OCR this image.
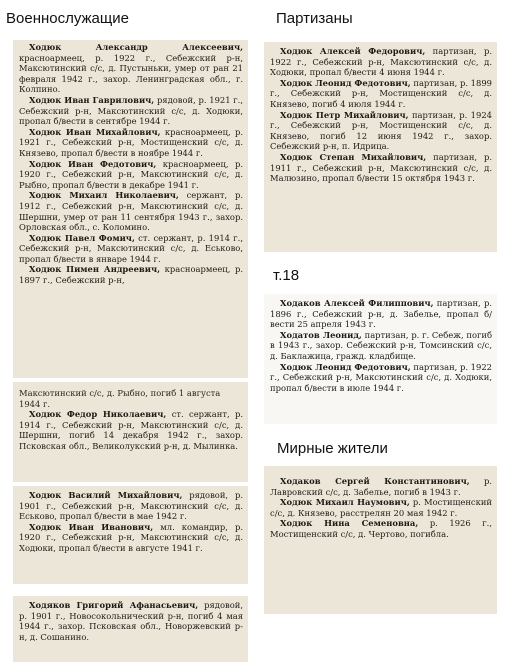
Военнослужащие	Партизаны
т.18
Мирные жители

Ходюк Александр Алексеевич, красноармеец, р. 1922 г., Себежский р-н, Максютинский с/с, д. Пустыньки, умер от ран 21 февраля 1942 г., захор. Ленинградская обл., г. Колпино.

Ходюк Иван Гаврилович, рядовой, р. 1921 г., Себежский р-н, Максютинский с/с, д. Ходюки, пропал б/вести в сентябре 1944 г.

Ходюк Иван Михайлович, красноармеец, р. 1921 г., Себежский р-н, Мостищенский с/с, д. Князево, пропал б/вести в ноябре 1944 г.

Ходюк Иван Федотович, красноармеец, р. 1920 г., Себежский р-н, Максютинский с/с, д. Рыбно, пропал б/вести в декабре 1941 г.

Ходюк Михаил Николаевич, сержант, р. 1912 г., Себежский р-н, Максютинский с/с, д. Шершни, умер от ран 11 сентября 1943 г., захор. Орловская обл., с. Коломино.

Ходюк Павел Фомич, ст. сержант, р. 1914 г., Себежский р-н, Максютинский с/с, д. Еськово, пропал б/вести в январе 1944 г.

Ходюк Пимен Андреевич, красноармеец, р. 1897 г., Себежский р-н,

Максютинский с/с, д. Рыбно, погиб 1 августа 1944 г.

Ходюк Федор Николаевич, ст. сержант, р. 1914 г., Себежский р-н, Максютинский с/с, д. Шершни, погиб 14 декабря 1942 г., захор. Псковская обл., Великолукский р-н, д. Мылинка.

Ходюк Василий Михайлович, рядовой, р. 1901 г., Себежский р-н, Максютинский с/с, д. Еськово, пропал б/вести в мае 1942 г.

Ходюк Иван Иванович, мл. командир, р. 1920 г., Себежский р-н, Максютинский с/с, д. Ходюки, пропал б/вести в августе 1941 г.

Ходяков Григорий Афанасьевич, рядовой, р. 1901 г., Новосокольнический р-н, погиб 4 мая 1944 г., захор. Псковская обл., Новоржевский р-н, д. Сошанино.

Ходюк Алексей Федорович, партизан, р. 1922 г., Себежский р-н, Максютинский с/с, д. Ходюки, пропал б/вести 4 июня 1944 г.

Ходюк Леонид Федотович, партизан, р. 1899 г., Себежский р-н, Мостищенский с/с, д. Князево, погиб 4 июля 1944 г.

Ходюк Петр Михайлович, партизан, р. 1924 г., Себежский р-н, Мостищенский с/с, д. Князево, погиб 12 июня 1942 г., захор. Себежский р-н, п. Идрица.

Ходюк Степан Михайлович, партизан, р. 1911 г., Себежский р-н, Максютинский с/с, д. Малюзино, пропал б/вести 15 октября 1943 г.

Ходаков Алексей Филиппович, партизан, р. 1896 г., Себежский р-н, д. Забелье, пропал б/вести 25 апреля 1943 г.

Ходатов Леонид, партизан, р. г. Себеж, погиб в 1943 г., захор. Себежский р-н, Томсинский с/с, д. Баклажица, гражд. кладбище.

Ходюк Леонид Федотович, партизан, р. 1922 г., Себежский р-н, Максютинский с/с, д. Ходюки, пропал б/вести в июле 1944 г.

Ходаков Сергей Константинович, р. Лавровский с/с, д. Забелье, погиб в 1943 г.

Ходюк Михаил Наумович, р. Мостищенский с/с, д. Князево, расстрелян 20 мая 1942 г.

Ходюк Нина Семеновна, р. 1926 г., Мостищенский с/с, д. Чертово, погибла.
